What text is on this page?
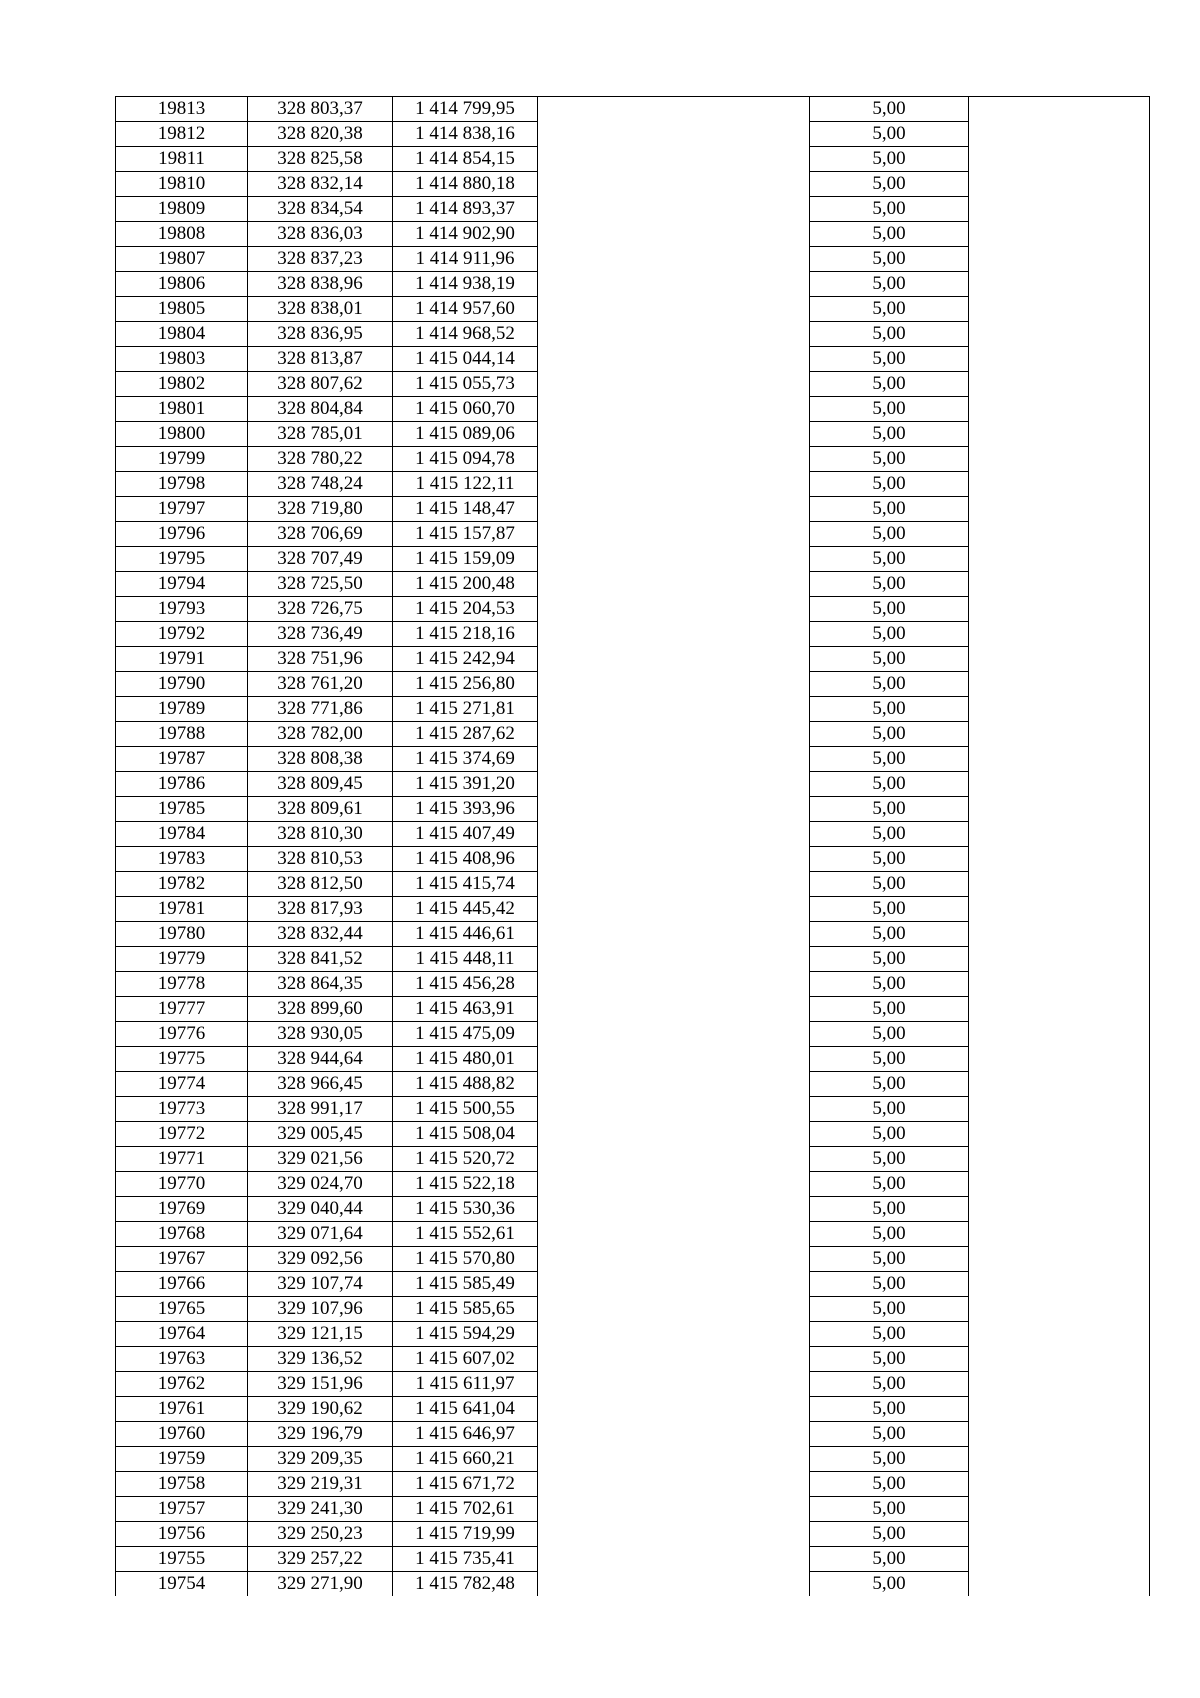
19813	328 803,37	1 414 799,95		5,00	
19812	328 820,38	1 414 838,16		5,00	
19811	328 825,58	1 414 854,15		5,00	
19810	328 832,14	1 414 880,18		5,00	
19809	328 834,54	1 414 893,37		5,00	
19808	328 836,03	1 414 902,90		5,00	
19807	328 837,23	1 414 911,96		5,00	
19806	328 838,96	1 414 938,19		5,00	
19805	328 838,01	1 414 957,60		5,00	
19804	328 836,95	1 414 968,52		5,00	
19803	328 813,87	1 415 044,14		5,00	
19802	328 807,62	1 415 055,73		5,00	
19801	328 804,84	1 415 060,70		5,00	
19800	328 785,01	1 415 089,06		5,00	
19799	328 780,22	1 415 094,78		5,00	
19798	328 748,24	1 415 122,11		5,00	
19797	328 719,80	1 415 148,47		5,00	
19796	328 706,69	1 415 157,87		5,00	
19795	328 707,49	1 415 159,09		5,00	
19794	328 725,50	1 415 200,48		5,00	
19793	328 726,75	1 415 204,53		5,00	
19792	328 736,49	1 415 218,16		5,00	
19791	328 751,96	1 415 242,94		5,00	
19790	328 761,20	1 415 256,80		5,00	
19789	328 771,86	1 415 271,81		5,00	
19788	328 782,00	1 415 287,62		5,00	
19787	328 808,38	1 415 374,69		5,00	
19786	328 809,45	1 415 391,20		5,00	
19785	328 809,61	1 415 393,96		5,00	
19784	328 810,30	1 415 407,49		5,00	
19783	328 810,53	1 415 408,96		5,00	
19782	328 812,50	1 415 415,74		5,00	
19781	328 817,93	1 415 445,42		5,00	
19780	328 832,44	1 415 446,61		5,00	
19779	328 841,52	1 415 448,11		5,00	
19778	328 864,35	1 415 456,28		5,00	
19777	328 899,60	1 415 463,91		5,00	
19776	328 930,05	1 415 475,09		5,00	
19775	328 944,64	1 415 480,01		5,00	
19774	328 966,45	1 415 488,82		5,00	
19773	328 991,17	1 415 500,55		5,00	
19772	329 005,45	1 415 508,04		5,00	
19771	329 021,56	1 415 520,72		5,00	
19770	329 024,70	1 415 522,18		5,00	
19769	329 040,44	1 415 530,36		5,00	
19768	329 071,64	1 415 552,61		5,00	
19767	329 092,56	1 415 570,80		5,00	
19766	329 107,74	1 415 585,49		5,00	
19765	329 107,96	1 415 585,65		5,00	
19764	329 121,15	1 415 594,29		5,00	
19763	329 136,52	1 415 607,02		5,00	
19762	329 151,96	1 415 611,97		5,00	
19761	329 190,62	1 415 641,04		5,00	
19760	329 196,79	1 415 646,97		5,00	
19759	329 209,35	1 415 660,21		5,00	
19758	329 219,31	1 415 671,72		5,00	
19757	329 241,30	1 415 702,61		5,00	
19756	329 250,23	1 415 719,99		5,00	
19755	329 257,22	1 415 735,41		5,00	
19754	329 271,90	1 415 782,48		5,00	
